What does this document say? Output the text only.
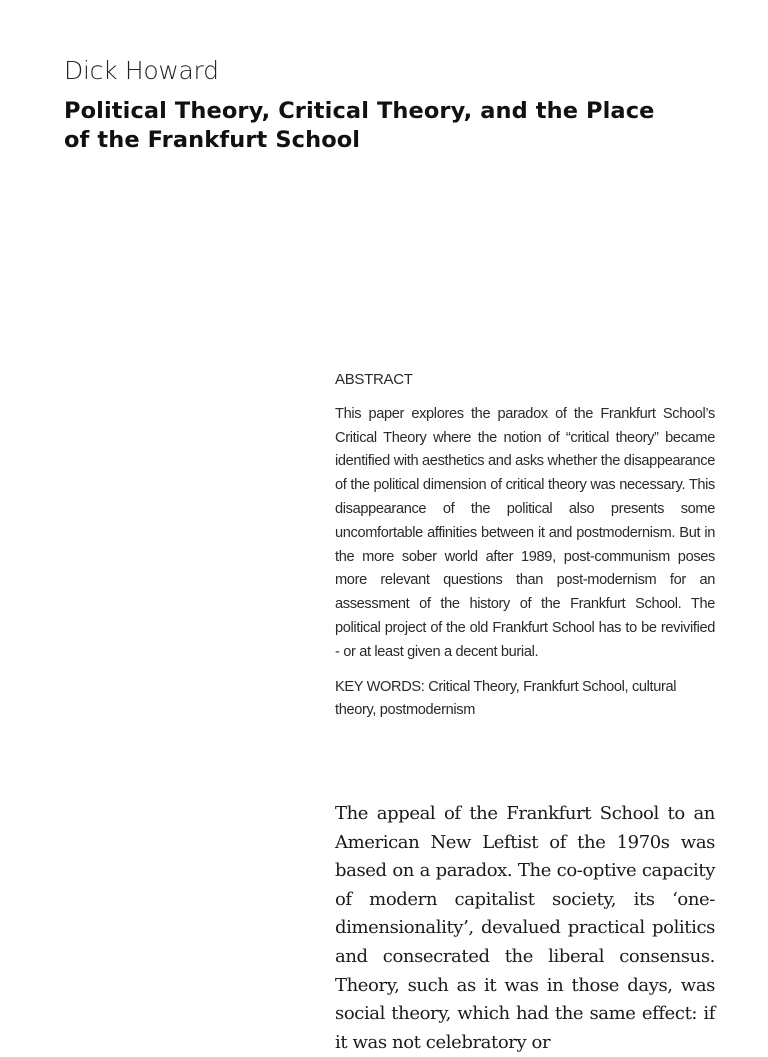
Dick Howard
Political Theory, Critical Theory, and the Place
of the Frankfurt School

ABSTRACT

This paper explores the paradox of the Frankfurt School’s Critical Theory where the notion of “critical theory” became identified with aesthetics and asks whether the disappearance of the political dimension of critical theory was necessary. This disappearance of the political also presents some uncomfortable affinities between it and postmodernism. But in the more sober world after 1989, post-communism poses more relevant questions than post-modernism for an assessment of the history of the Frankfurt School. The political project of the old Frankfurt School has to be revivified - or at least given a decent burial.

KEY WORDS: Critical Theory, Frankfurt School, cultural theory, postmodernism

The appeal of the Frankfurt School to an American New Leftist of the 1970s was based on a paradox. The co-optive capacity of modern capitalist society, its ‘one-dimensionality’, devalued practical politics and consecrated the liberal consensus. Theory, such as it was in those days, was social theory, which had the same effect: if it was not celebratory or
